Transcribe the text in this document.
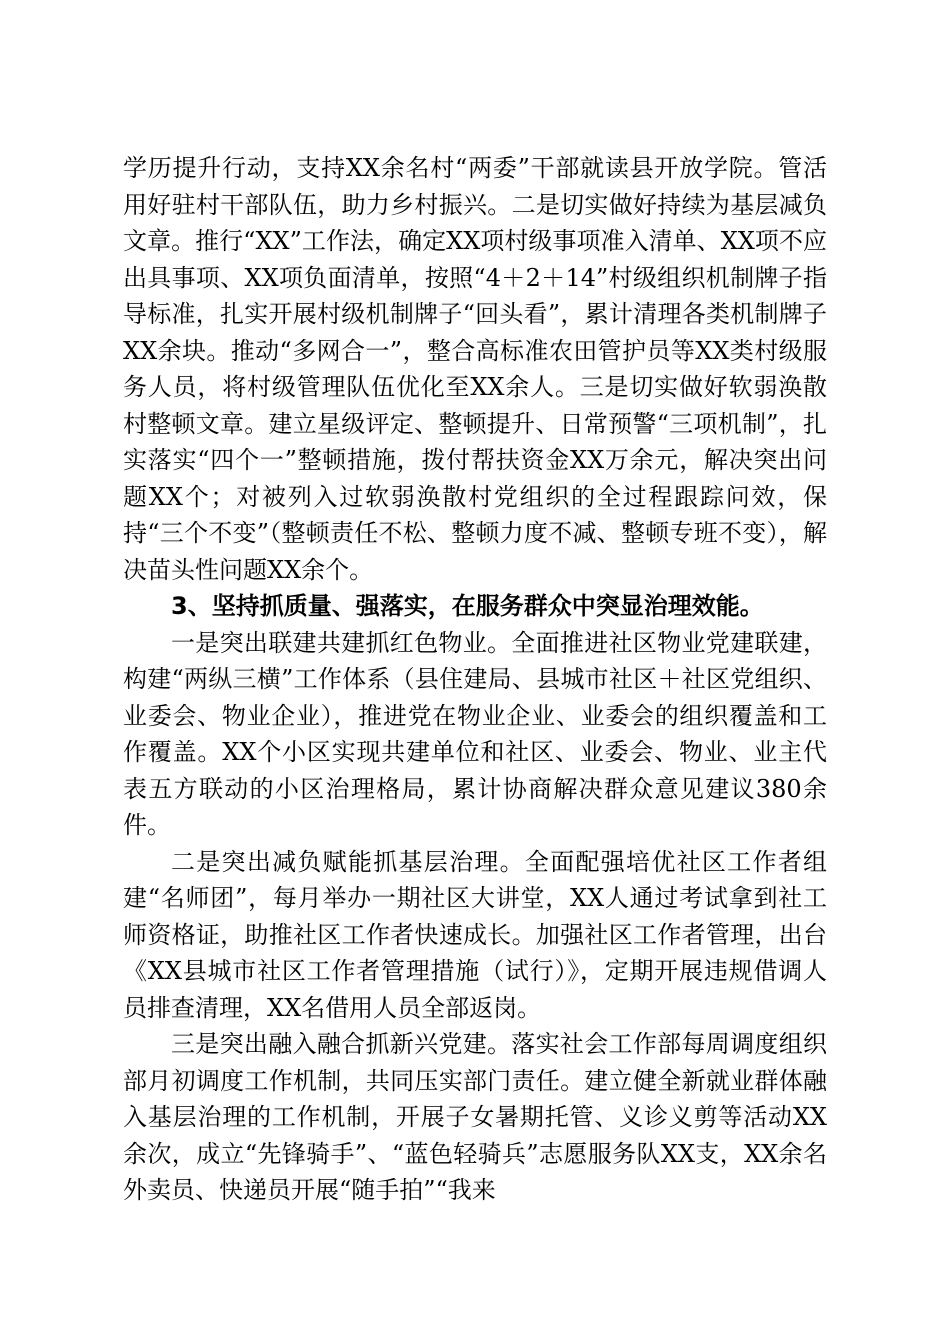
学历提升行动，支持XX余名村“两委”干部就读县开放学院。管活用好驻村干部队伍，助力乡村振兴。二是切实做好持续为基层减负文章。推行“XX”工作法，确定XX项村级事项准入清单、XX项不应出具事项、XX项负面清单，按照“4＋2＋14”村级组织机制牌子指导标准，扎实开展村级机制牌子“回头看”，累计清理各类机制牌子XX余块。推动“多网合一”，整合高标准农田管护员等XX类村级服务人员，将村级管理队伍优化至XX余人。三是切实做好软弱涣散村整顿文章。建立星级评定、整顿提升、日常预警“三项机制”，扎实落实“四个一”整顿措施，拨付帮扶资金XX万余元，解决突出问题XX个；对被列入过软弱涣散村党组织的全过程跟踪问效，保持“三个不变”（整顿责任不松、整顿力度不减、整顿专班不变），解决苗头性问题XX余个。

3、坚持抓质量、强落实，在服务群众中突显治理效能。

一是突出联建共建抓红色物业。全面推进社区物业党建联建，构建“两纵三横”工作体系（县住建局、县城市社区＋社区党组织、业委会、物业企业），推进党在物业企业、业委会的组织覆盖和工作覆盖。XX个小区实现共建单位和社区、业委会、物业、业主代表五方联动的小区治理格局，累计协商解决群众意见建议380余件。

二是突出减负赋能抓基层治理。全面配强培优社区工作者组建“名师团”，每月举办一期社区大讲堂，XX人通过考试拿到社工师资格证，助推社区工作者快速成长。加强社区工作者管理，出台《XX县城市社区工作者管理措施（试行）》，定期开展违规借调人员排查清理，XX名借用人员全部返岗。

三是突出融入融合抓新兴党建。落实社会工作部每周调度组织部月初调度工作机制，共同压实部门责任。建立健全新就业群体融入基层治理的工作机制，开展子女暑期托管、义诊义剪等活动XX余次，成立“先锋骑手”、“蓝色轻骑兵”志愿服务队XX支，XX余名外卖员、快递员开展“随手拍”“我来
